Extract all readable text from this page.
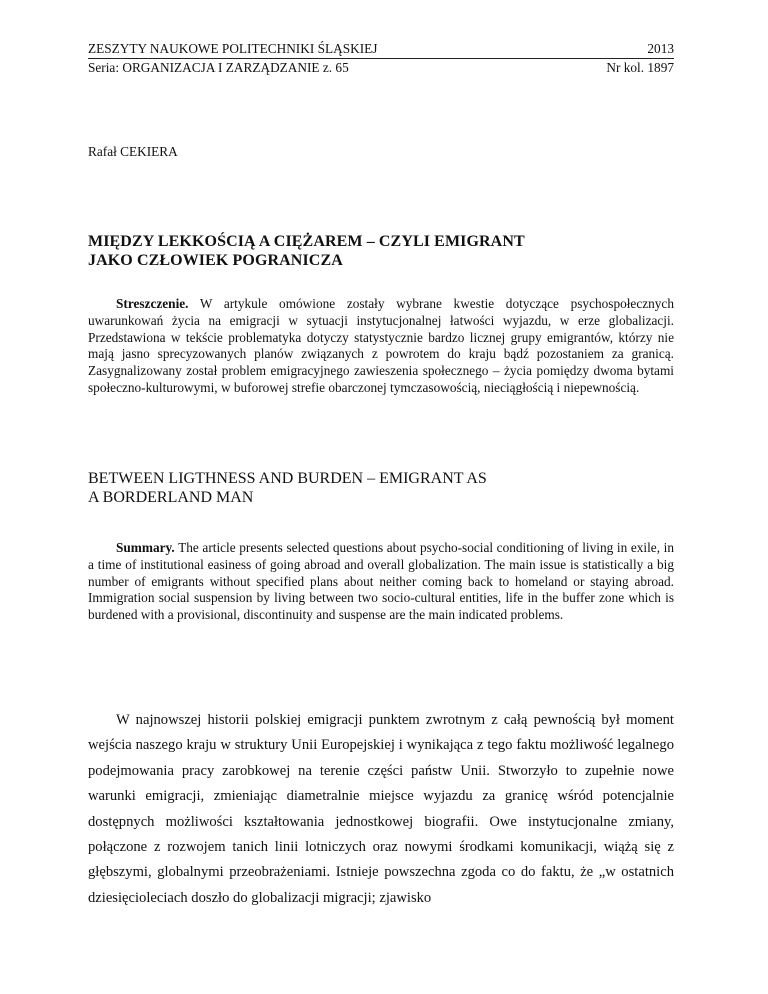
ZESZYTY NAUKOWE POLITECHNIKI ŚLĄSKIEJ	2013
Seria: ORGANIZACJA I ZARZĄDZANIE z. 65	Nr kol. 1897
Rafał CEKIERA
MIĘDZY LEKKOŚCIĄ A CIĘŻAREM – CZYLI EMIGRANT
JAKO CZŁOWIEK POGRANICZA
Streszczenie. W artykule omówione zostały wybrane kwestie dotyczące psychospołecznych uwarunkowań życia na emigracji w sytuacji instytucjonalnej łatwości wyjazdu, w erze globalizacji. Przedstawiona w tekście problematyka dotyczy statystycznie bardzo licznej grupy emigrantów, którzy nie mają jasno sprecyzowanych planów związanych z powrotem do kraju bądź pozostaniem za granicą. Zasygnalizowany został problem emigracyjnego zawieszenia społecznego – życia pomiędzy dwoma bytami społeczno-kulturowymi, w buforowej strefie obarczonej tymczasowością, nieciągłością i niepewnością.
BETWEEN LIGTHNESS AND BURDEN – EMIGRANT AS
A BORDERLAND MAN
Summary. The article presents selected questions about psycho-social conditioning of living in exile, in a time of institutional easiness of going abroad and overall globalization. The main issue is statistically a big number of emigrants without specified plans about neither coming back to homeland or staying abroad. Immigration social suspension by living between two socio-cultural entities, life in the buffer zone which is burdened with a provisional, discontinuity and suspense are the main indicated problems.
W najnowszej historii polskiej emigracji punktem zwrotnym z całą pewnością był moment wejścia naszego kraju w struktury Unii Europejskiej i wynikająca z tego faktu możliwość legalnego podejmowania pracy zarobkowej na terenie części państw Unii. Stworzyło to zupełnie nowe warunki emigracji, zmieniając diametralnie miejsce wyjazdu za granicę wśród potencjalnie dostępnych możliwości kształtowania jednostkowej biografii. Owe instytucjonalne zmiany, połączone z rozwojem tanich linii lotniczych oraz nowymi środkami komunikacji, wiążą się z głębszymi, globalnymi przeobrażeniami. Istnieje powszechna zgoda co do faktu, że „w ostatnich dziesięcioleciach doszło do globalizacji migracji; zjawisko
